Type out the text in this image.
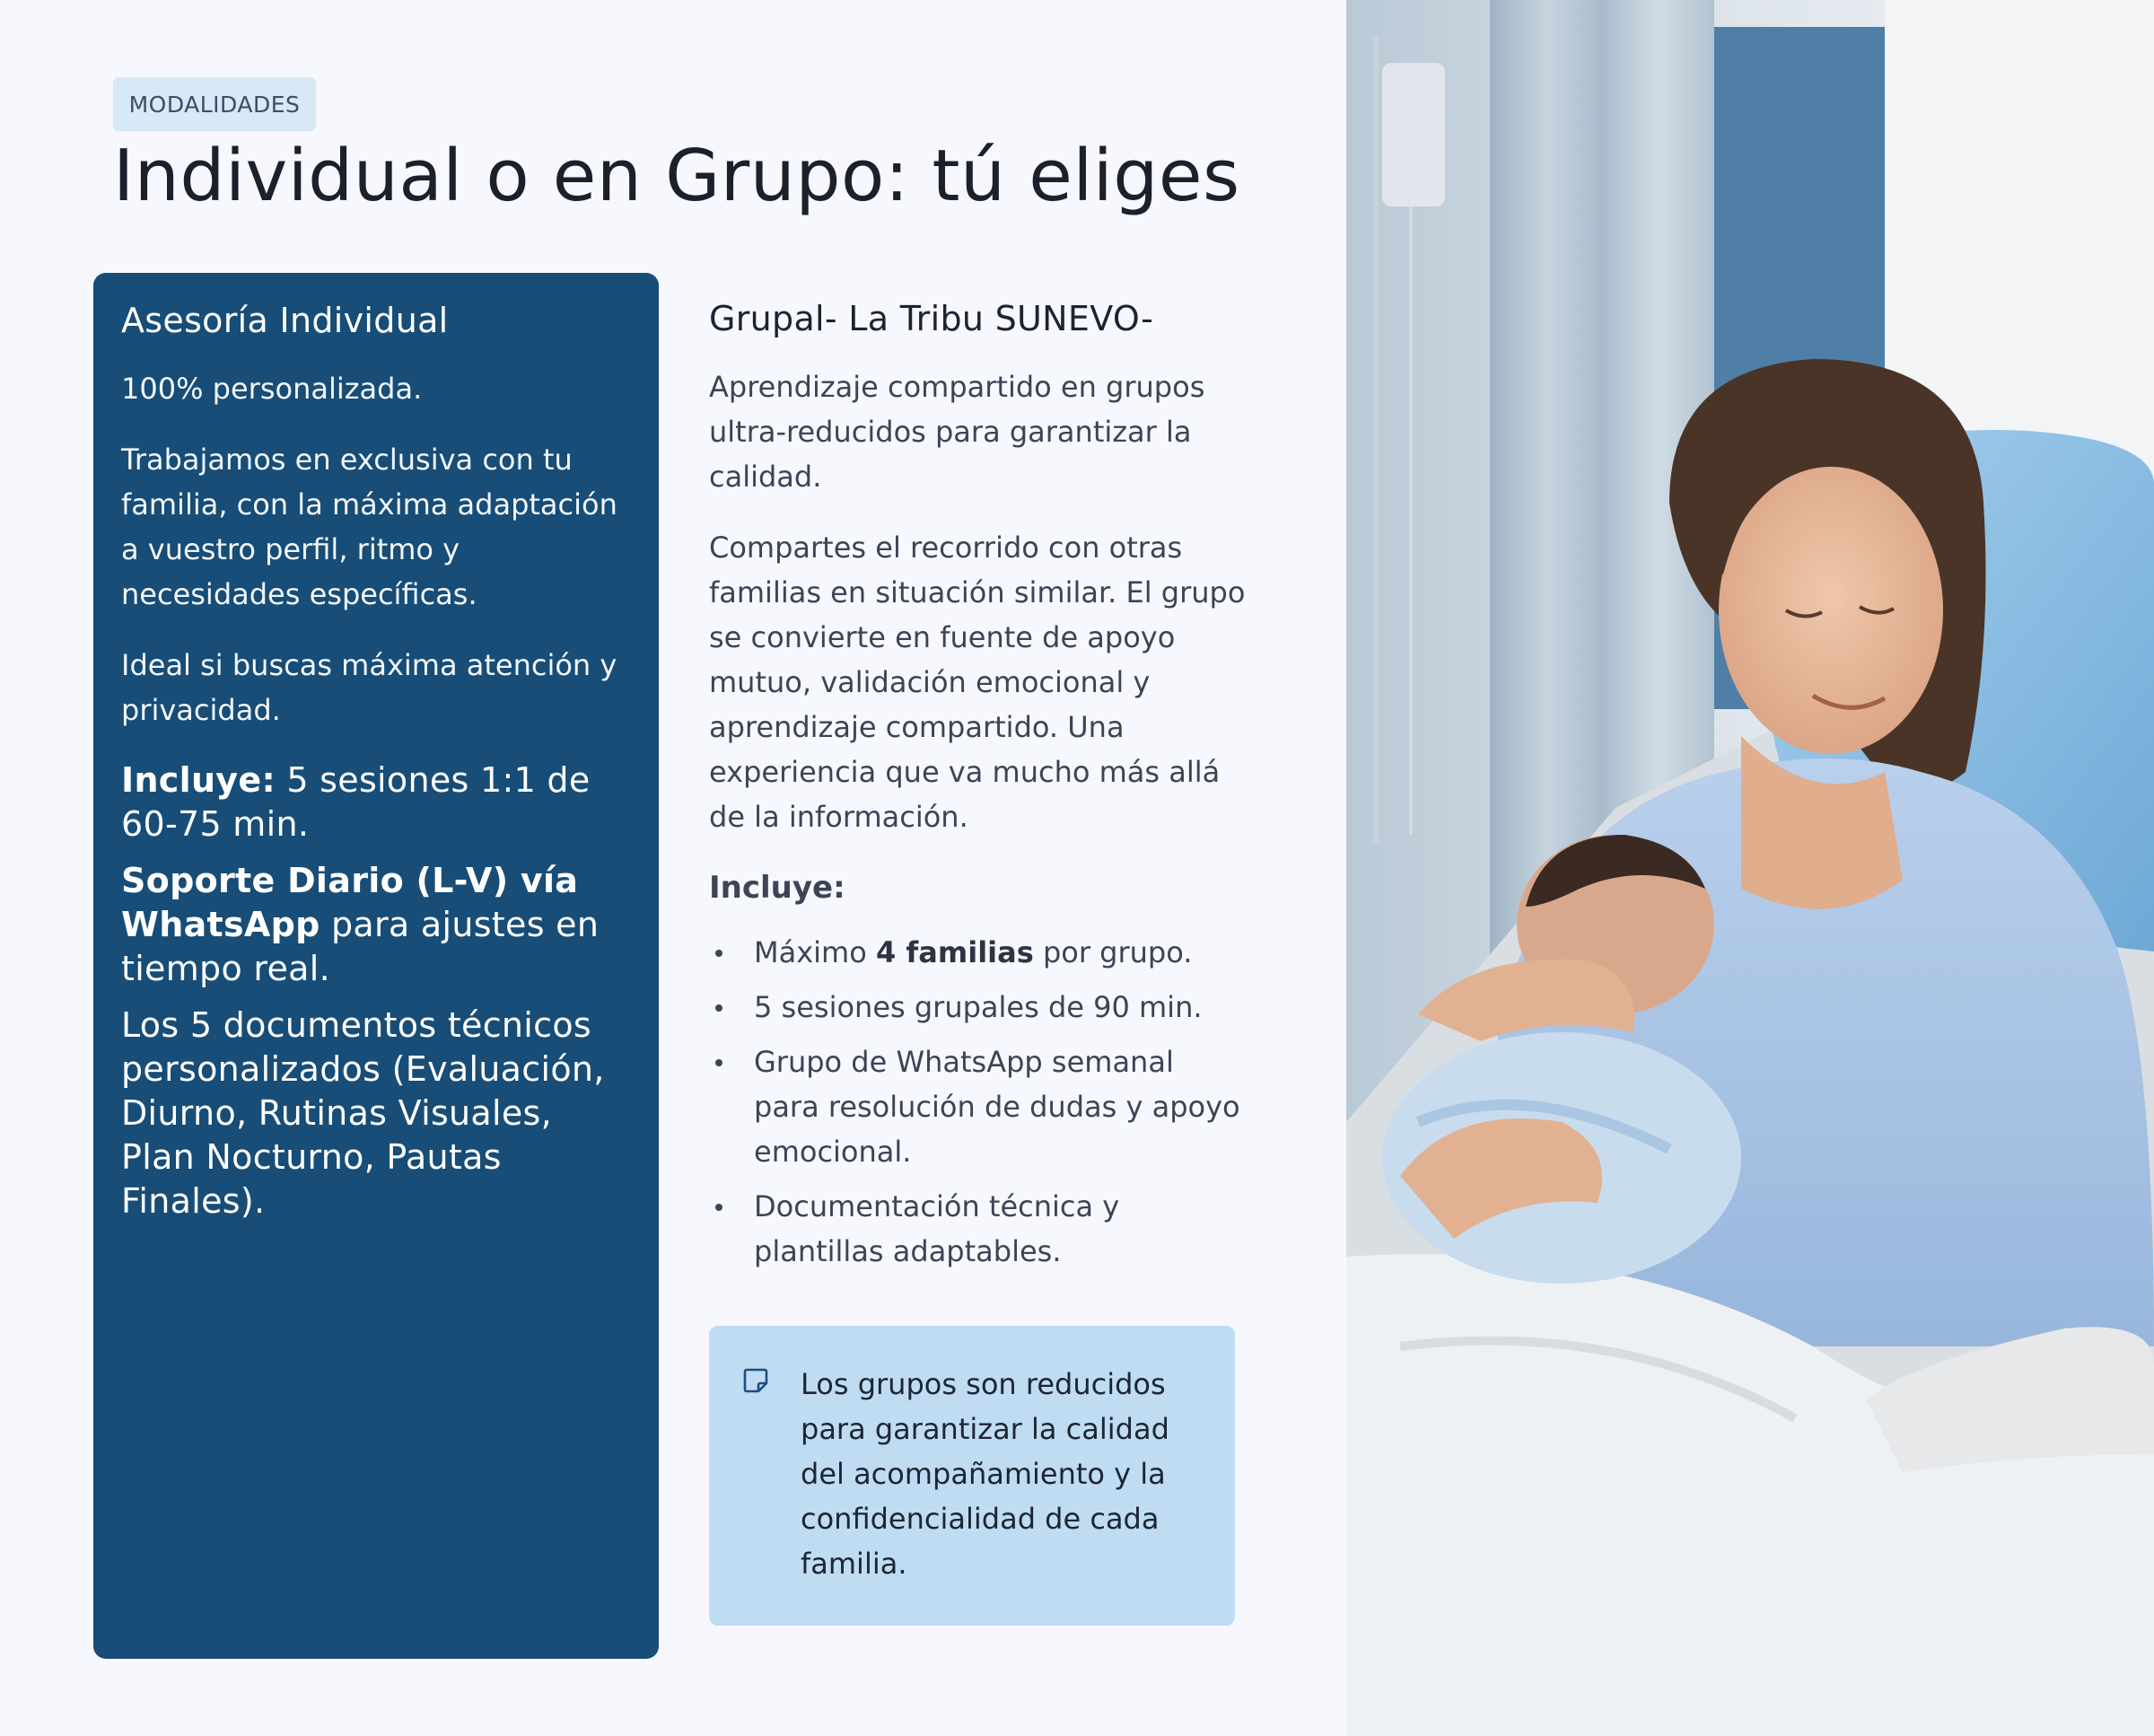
MODALIDADES
Individual o en Grupo: tú eliges
Asesoría Individual

100% personalizada.

Trabajamos en exclusiva con tu familia, con la máxima adaptación a vuestro perfil, ritmo y necesidades específicas.

Ideal si buscas máxima atención y privacidad.

Incluye: 5 sesiones 1:1 de 60-75 min.
Soporte Diario (L-V) vía WhatsApp para ajustes en tiempo real.
Los 5 documentos técnicos personalizados (Evaluación, Diurno, Rutinas Visuales, Plan Nocturno, Pautas Finales).
Grupal- La Tribu SUNEVO-

Aprendizaje compartido en grupos ultra-reducidos para garantizar la calidad.

Compartes el recorrido con otras familias en situación similar. El grupo se convierte en fuente de apoyo mutuo, validación emocional y aprendizaje compartido. Una experiencia que va mucho más allá de la información.

Incluye:
Máximo 4 familias por grupo.
5 sesiones grupales de 90 min.
Grupo de WhatsApp semanal para resolución de dudas y apoyo emocional.
Documentación técnica y plantillas adaptables.

Los grupos son reducidos para garantizar la calidad del acompañamiento y la confidencialidad de cada familia.
